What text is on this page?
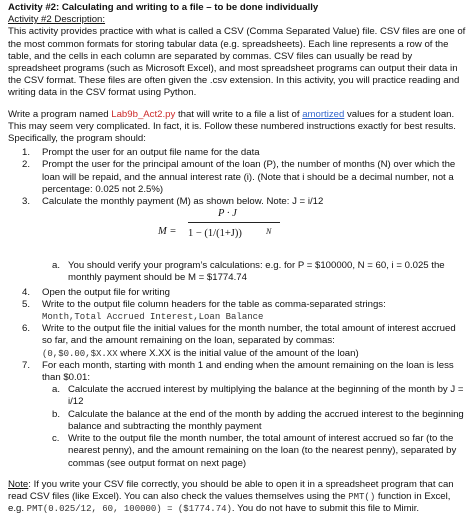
Activity #2: Calculating and writing to a file – to be done individually

Activity #2 Description:

This activity provides practice with what is called a CSV (Comma Separated Value) file. CSV files are one of the most common formats for storing tabular data (e.g. spreadsheets). Each line represents a row of the table, and the cells in each column are separated by commas. CSV files can usually be read by spreadsheet programs (such as Microsoft Excel), and most spreadsheet programs can output their data in the CSV format. These files are often given the .csv extension. In this activity, you will practice reading and writing data in the CSV format using Python.

Write a program named Lab9b_Act2.py that will write to a file a list of amortized values for a student loan. This may seem very complicated. In fact, it is. Follow these numbered instructions exactly for best results. Specifically, the program should:

1. Prompt the user for an output file name for the data
2. Prompt the user for the principal amount of the loan (P), the number of months (N) over which the loan will be repaid, and the annual interest rate (i). (Note that i should be a decimal number, not a percentage: 0.025 not 2.5%)
3. Calculate the monthly payment (M) as shown below. Note: J = i/12
M =
P · J
1 − (1/(1+J))	N
a. You should verify your program’s calculations: e.g. for P = $100000, N = 60, i = 0.025 the monthly payment should be M = $1774.74
4. Open the output file for writing
5. Write to the output file column headers for the table as comma-separated strings:
Month,Total Accrued Interest,Loan Balance
6. Write to the output file the initial values for the month number, the total amount of interest accrued so far, and the amount remaining on the loan, separated by commas:
(0,$0.00,$X.XX where X.XX is the initial value of the amount of the loan)
7. For each month, starting with month 1 and ending when the amount remaining on the loan is less than $0.01:
a. Calculate the accrued interest by multiplying the balance at the beginning of the month by J = i/12
b. Calculate the balance at the end of the month by adding the accrued interest to the beginning balance and subtracting the monthly payment
c. Write to the output file the month number, the total amount of interest accrued so far (to the nearest penny), and the amount remaining on the loan (to the nearest penny), separated by commas (see output format on next page)

Note: If you write your CSV file correctly, you should be able to open it in a spreadsheet program that can read CSV files (like Excel). You can also check the values themselves using the PMT() function in Excel, e.g. PMT(0.025/12, 60, 100000) = ($1774.74). You do not have to submit this file to Mimir.
